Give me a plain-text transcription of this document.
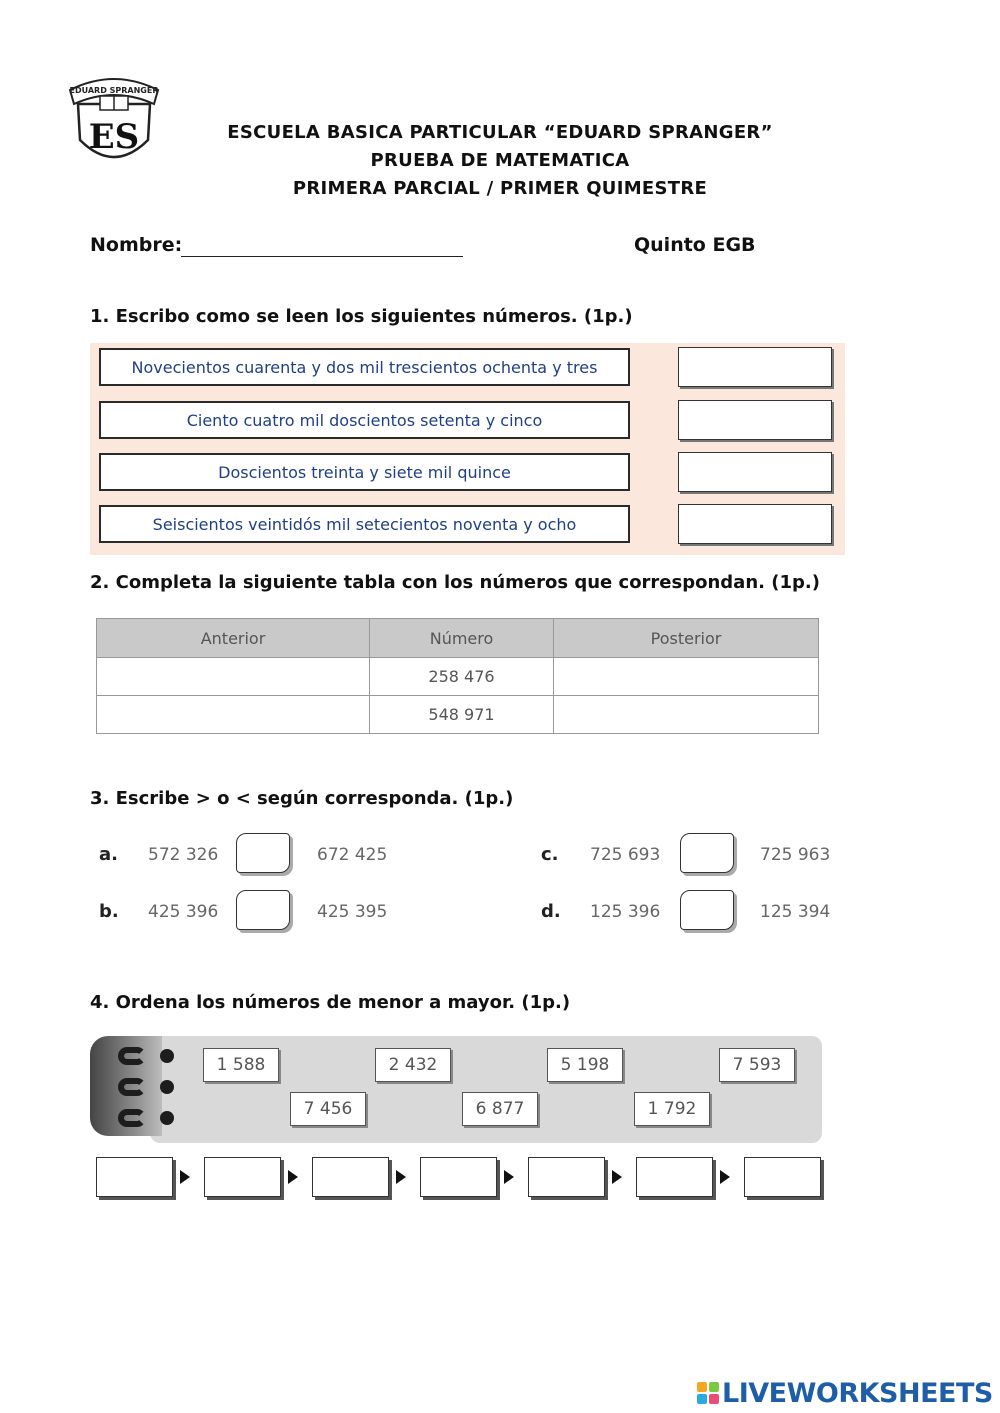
EDUARD SPRANGER
ES	ESCUELA BASICA PARTICULAR “EDUARD SPRANGER”
PRUEBA DE MATEMATICA
PRIMERA PARCIAL / PRIMER QUIMESTRE
Nombre:	Quinto EGB
1. Escribo como se leen los siguientes números. (1p.)
Novecientos cuarenta y dos mil trescientos ochenta y tres
Ciento cuatro mil doscientos setenta y cinco
Doscientos treinta y siete mil quince
Seiscientos veintidós mil setecientos noventa y ocho
2. Completa la siguiente tabla con los números que correspondan. (1p.)
Anterior	Número	Posterior
	258 476	
	548 971	
3. Escribe > o < según corresponda. (1p.)
a. 572 326	672 425
b. 425 396	425 395
c. 725 693	725 963
d. 125 396	125 394
4. Ordena los números de menor a mayor. (1p.)
1 588	2 432	5 198	7 593
7 456	6 877	1 792
LIVEWORKSHEETS
